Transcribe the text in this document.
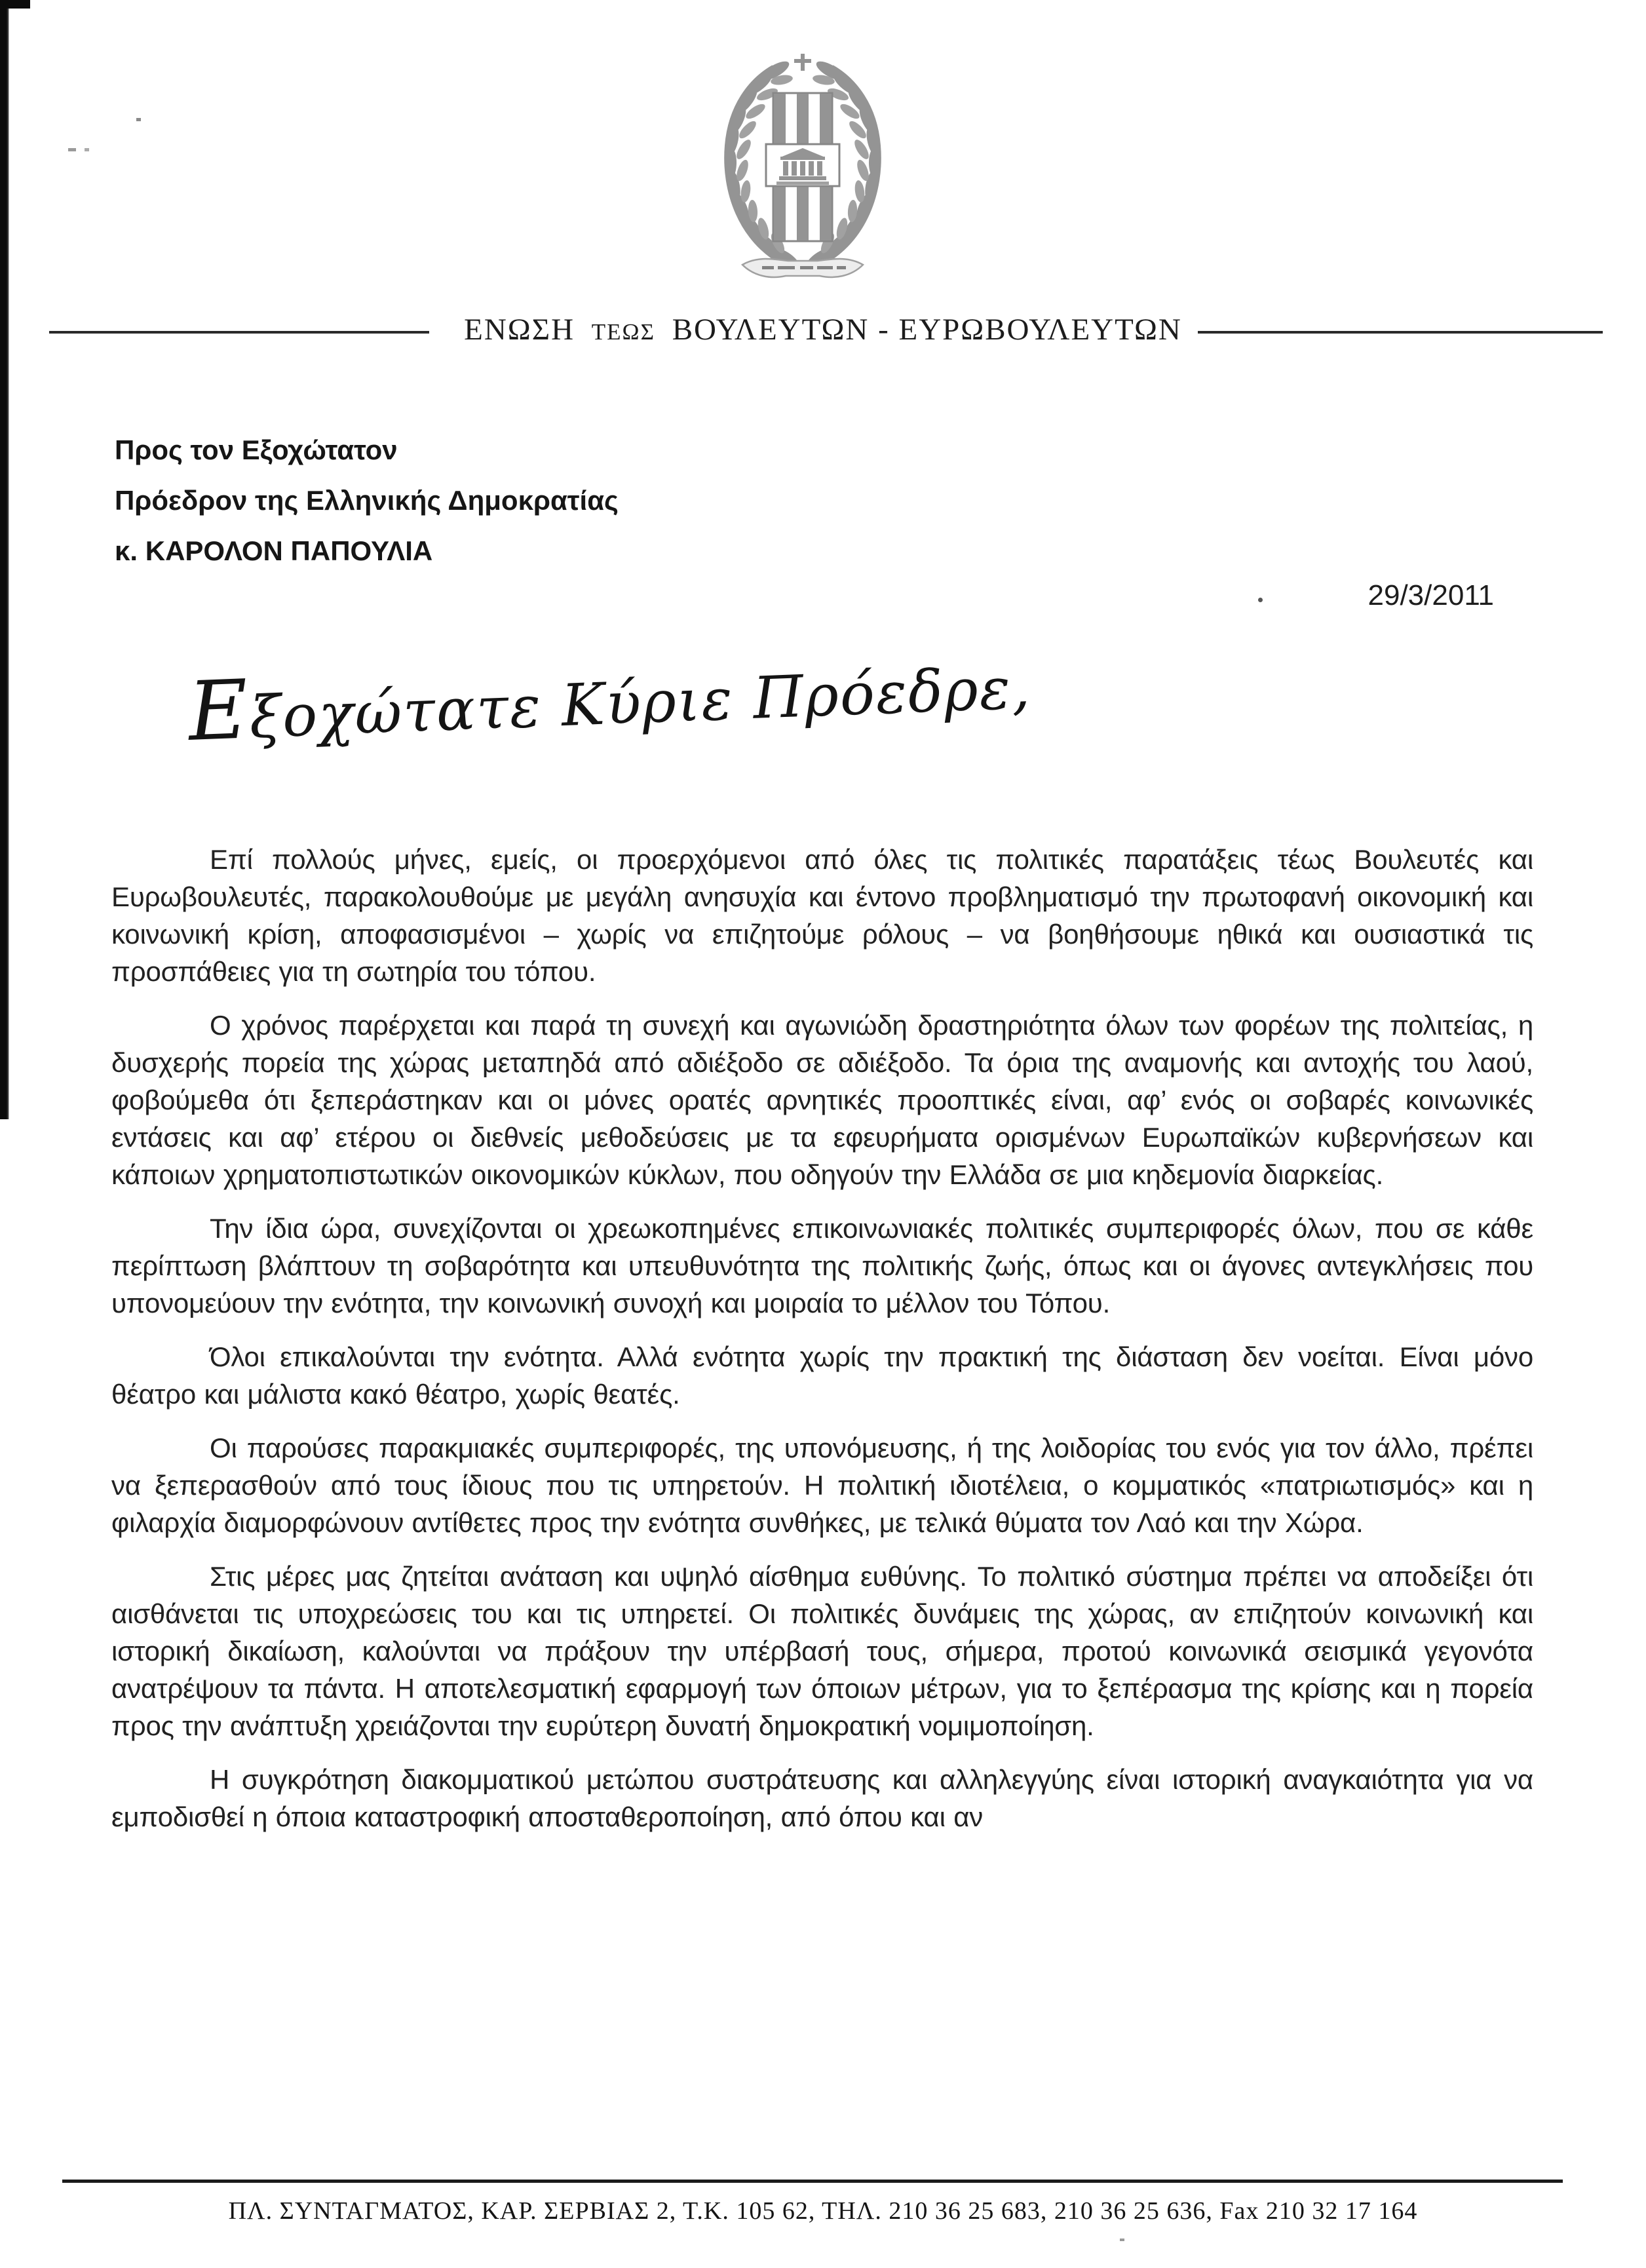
ΕΝΩΣΗ ΤΕΩΣ ΒΟΥΛΕΥΤΩΝ - ΕΥΡΩΒΟΥΛΕΥΤΩΝ
Προς τον Εξοχώτατον
Πρόεδρον της Ελληνικής Δημοκρατίας
κ. ΚΑΡΟΛΟΝ ΠΑΠΟΥΛΙΑ
29/3/2011
Εξοχώτατε Κύριε Πρόεδρε,

Επί πολλούς μήνες, εμείς, οι προερχόμενοι από όλες τις πολιτικές παρατάξεις τέως Βουλευτές και Ευρωβουλευτές, παρακολουθούμε με μεγάλη ανησυχία και έντονο προβληματισμό την πρωτοφανή οικονομική και κοινωνική κρίση, αποφασισμένοι – χωρίς να επιζητούμε ρόλους – να βοηθήσουμε ηθικά και ουσιαστικά τις προσπάθειες για τη σωτηρία του τόπου.

Ο χρόνος παρέρχεται και παρά τη συνεχή και αγωνιώδη δραστηριότητα όλων των φορέων της πολιτείας, η δυσχερής πορεία της χώρας μεταπηδά από αδιέξοδο σε αδιέξοδο. Τα όρια της αναμονής και αντοχής του λαού, φοβούμεθα ότι ξεπεράστηκαν και οι μόνες ορατές αρνητικές προοπτικές είναι, αφ’ ενός οι σοβαρές κοινωνικές εντάσεις και αφ’ ετέρου οι διεθνείς μεθοδεύσεις με τα εφευρήματα ορισμένων Ευρωπαϊκών κυβερνήσεων και κάποιων χρηματοπιστωτικών οικονομικών κύκλων, που οδηγούν την Ελλάδα σε μια κηδεμονία διαρκείας.

Την ίδια ώρα, συνεχίζονται οι χρεωκοπημένες επικοινωνιακές πολιτικές συμπεριφορές όλων, που σε κάθε περίπτωση βλάπτουν τη σοβαρότητα και υπευθυνότητα της πολιτικής ζωής, όπως και οι άγονες αντεγκλήσεις που υπονομεύουν την ενότητα, την κοινωνική συνοχή και μοιραία το μέλλον του Τόπου.

Όλοι επικαλούνται την ενότητα. Αλλά ενότητα χωρίς την πρακτική της διάσταση δεν νοείται. Είναι μόνο θέατρο και μάλιστα κακό θέατρο, χωρίς θεατές.

Οι παρούσες παρακμιακές συμπεριφορές, της υπονόμευσης, ή της λοιδορίας του ενός για τον άλλο, πρέπει να ξεπερασθούν από τους ίδιους που τις υπηρετούν. Η πολιτική ιδιοτέλεια, ο κομματικός «πατριωτισμός» και η φιλαρχία διαμορφώνουν αντίθετες προς την ενότητα συνθήκες, με τελικά θύματα τον Λαό και την Χώρα.

Στις μέρες μας ζητείται ανάταση και υψηλό αίσθημα ευθύνης. Το πολιτικό σύστημα πρέπει να αποδείξει ότι αισθάνεται τις υποχρεώσεις του και τις υπηρετεί. Οι πολιτικές δυνάμεις της χώρας, αν επιζητούν κοινωνική και ιστορική δικαίωση, καλούνται να πράξουν την υπέρβασή τους, σήμερα, προτού κοινωνικά σεισμικά γεγονότα ανατρέψουν τα πάντα. Η αποτελεσματική εφαρμογή των όποιων μέτρων, για το ξεπέρασμα της κρίσης και η πορεία προς την ανάπτυξη χρειάζονται την ευρύτερη δυνατή δημοκρατική νομιμοποίηση.

Η συγκρότηση διακομματικού μετώπου συστράτευσης και αλληλεγγύης είναι ιστορική αναγκαιότητα για να εμποδισθεί η όποια καταστροφική αποσταθεροποίηση, από όπου και αν

ΠΛ. ΣΥΝΤΑΓΜΑΤΟΣ, ΚΑΡ. ΣΕΡΒΙΑΣ 2, Τ.Κ. 105 62, ΤΗΛ. 210 36 25 683, 210 36 25 636, Fax 210 32 17 164
